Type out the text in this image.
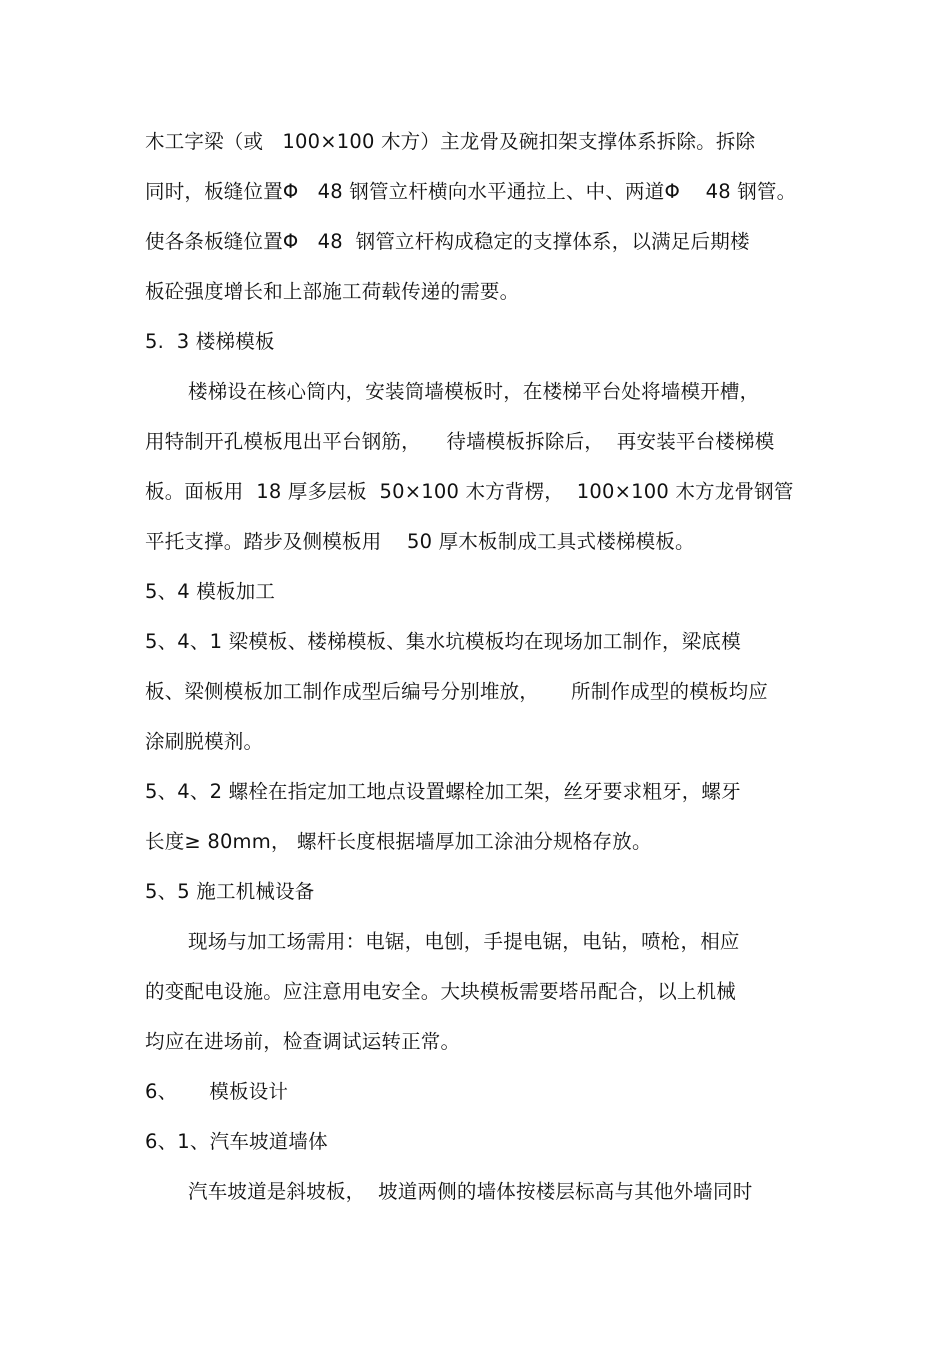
木工字梁（或   100×100 木方）主龙骨及碗扣架支撑体系拆除。拆除
同时，板缝位置Φ   48 钢管立杆横向水平通拉上、中、两道Φ    48 钢管。
使各条板缝位置Φ   48  钢管立杆构成稳定的支撑体系，以满足后期楼
板砼强度增长和上部施工荷载传递的需要。
5.  3 楼梯模板
楼梯设在核心筒内，安装筒墙模板时，在楼梯平台处将墙模开槽，
用特制开孔模板甩出平台钢筋，    待墙模板拆除后，  再安装平台楼梯模
板。面板用  18 厚多层板  50×100 木方背楞，  100×100 木方龙骨钢管
平托支撑。踏步及侧模板用    50 厚木板制成工具式楼梯模板。
5、4 模板加工
5、4、1 梁模板、楼梯模板、集水坑模板均在现场加工制作，梁底模
板、梁侧模板加工制作成型后编号分别堆放，     所制作成型的模板均应
涂刷脱模剂。
5、4、2 螺栓在指定加工地点设置螺栓加工架，丝牙要求粗牙，螺牙
长度≥ 80mm， 螺杆长度根据墙厚加工涂油分规格存放。
5、5 施工机械设备
现场与加工场需用：电锯，电刨，手提电锯，电钻，喷枪，相应
的变配电设施。应注意用电安全。大块模板需要塔吊配合，以上机械
均应在进场前，检查调试运转正常。
6、     模板设计
6、1、汽车坡道墙体
汽车坡道是斜坡板，  坡道两侧的墙体按楼层标高与其他外墙同时
